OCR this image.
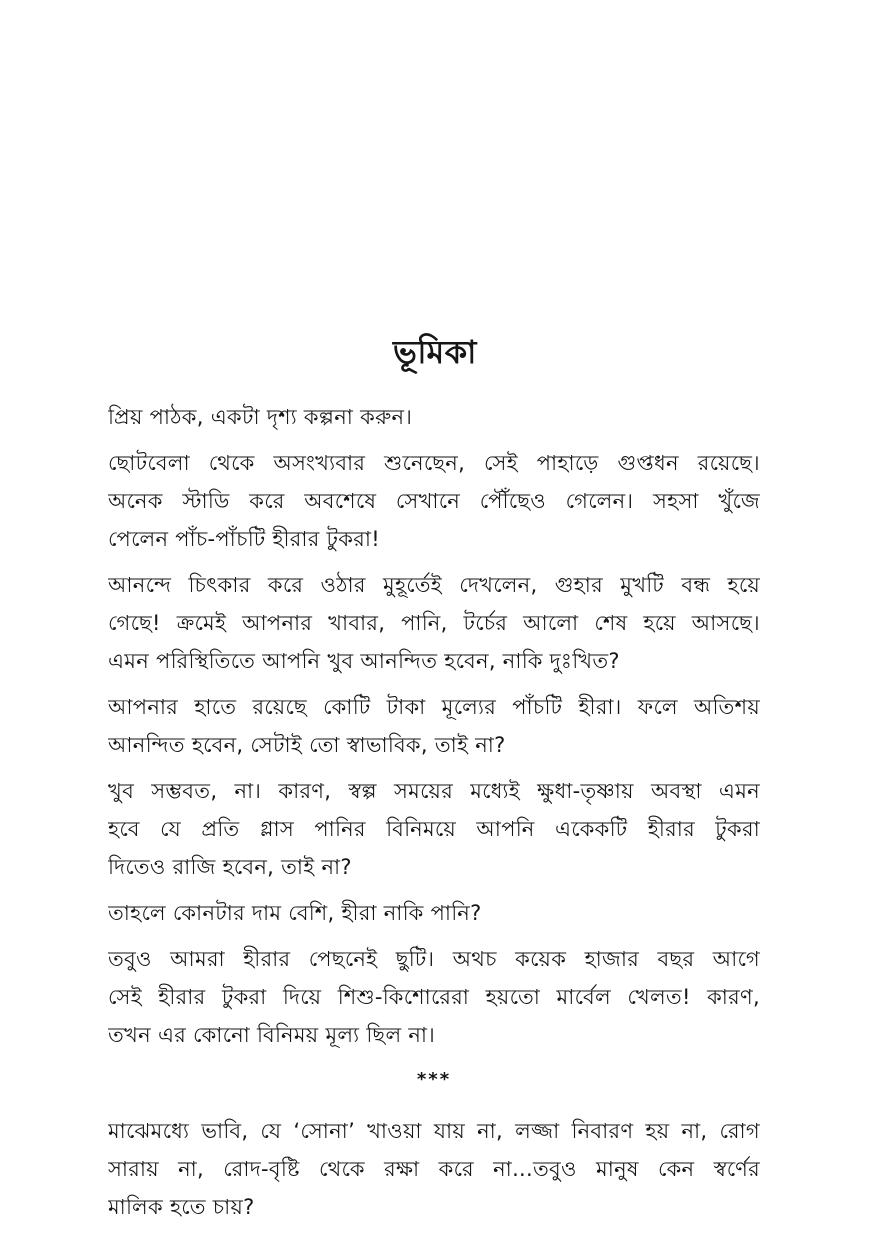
ভূমিকা

প্রিয় পাঠক, একটা দৃশ্য কল্পনা করুন।

ছোটবেলা থেকে অসংখ্যবার শুনেছেন, সেই পাহাড়ে গুপ্তধন রয়েছে।
অনেক স্টাডি করে অবশেষে সেখানে পৌঁছেও গেলেন। সহসা খুঁজে
পেলেন পাঁচ-পাঁচটি হীরার টুকরা!

আনন্দে চিৎকার করে ওঠার মুহূর্তেই দেখলেন, গুহার মুখটি বন্ধ হয়ে
গেছে! ক্রমেই আপনার খাবার, পানি, টর্চের আলো শেষ হয়ে আসছে।
এমন পরিস্থিতিতে আপনি খুব আনন্দিত হবেন, নাকি দুঃখিত?

আপনার হাতে রয়েছে কোটি টাকা মূল্যের পাঁচটি হীরা। ফলে অতিশয়
আনন্দিত হবেন, সেটাই তো স্বাভাবিক, তাই না?

খুব সম্ভবত, না। কারণ, স্বল্প সময়ের মধ্যেই ক্ষুধা-তৃষ্ণায় অবস্থা এমন
হবে যে প্রতি গ্লাস পানির বিনিময়ে আপনি একেকটি হীরার টুকরা
দিতেও রাজি হবেন, তাই না?

তাহলে কোনটার দাম বেশি, হীরা নাকি পানি?

তবুও আমরা হীরার পেছনেই ছুটি। অথচ কয়েক হাজার বছর আগে
সেই হীরার টুকরা দিয়ে শিশু-কিশোরেরা হয়তো মার্বেল খেলত! কারণ,
তখন এর কোনো বিনিময় মূল্য ছিল না।

***

মাঝেমধ্যে ভাবি, যে ‘সোনা’ খাওয়া যায় না, লজ্জা নিবারণ হয় না, রোগ
সারায় না, রোদ-বৃষ্টি থেকে রক্ষা করে না...তবুও মানুষ কেন স্বর্ণের
মালিক হতে চায়?
